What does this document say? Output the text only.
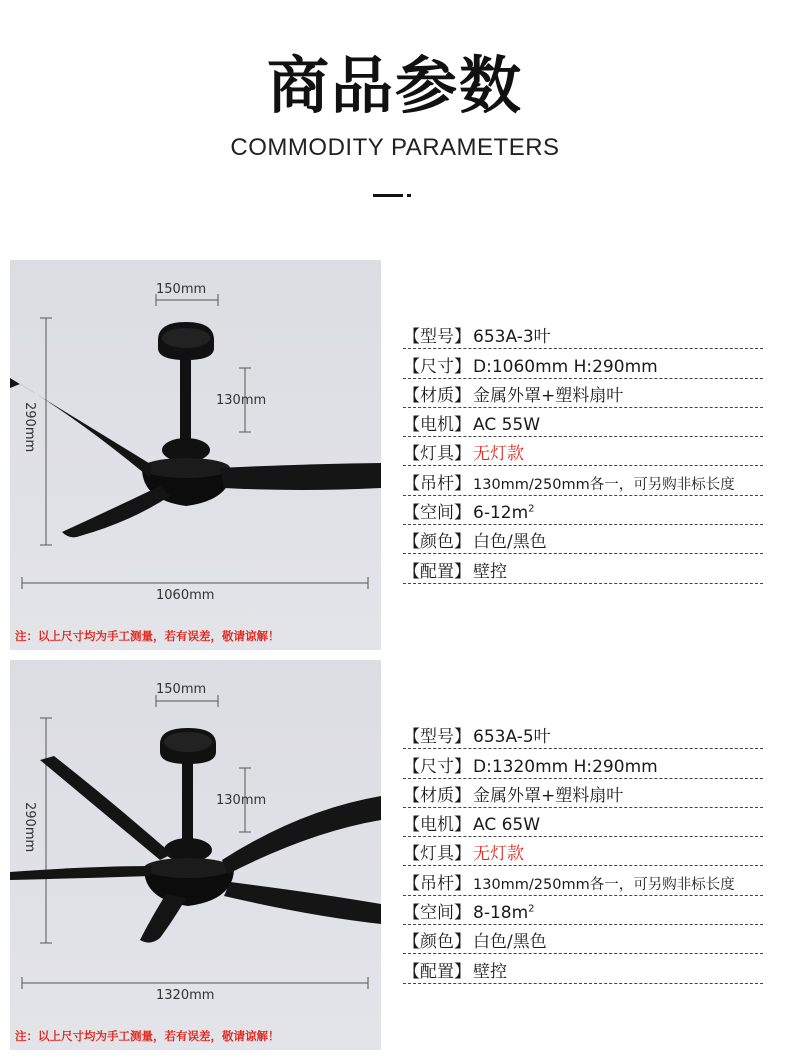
商品参数
COMMODITY PARAMETERS
150mm
130mm
290mm
1060mm
注：以上尺寸均为手工测量，若有误差，敬请谅解！
【型号】 653A-3叶
【尺寸】 D:1060mm H:290mm
【材质】 金属外罩+塑料扇叶
【电机】 AC 55W
【灯具】 无灯款
【吊杆】 130mm/250mm各一，可另购非标长度
【空间】 $6-12m^2$
【颜色】 白色/黑色
【配置】 壁控
150mm
130mm
290mm
1320mm
注：以上尺寸均为手工测量，若有误差，敬请谅解！
【型号】 653A-5叶
【尺寸】 D:1320mm H:290mm
【材质】 金属外罩+塑料扇叶
【电机】 AC 65W
【灯具】 无灯款
【吊杆】 130mm/250mm各一，可另购非标长度
【空间】 $8-18m^2$
【颜色】 白色/黑色
【配置】 壁控
